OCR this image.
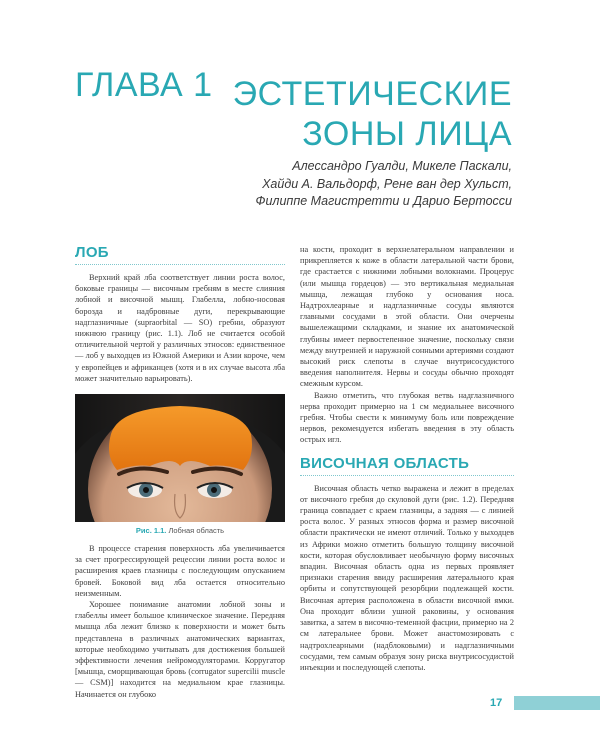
ГЛАВА 1 ЭСТЕТИЧЕСКИЕ
ЗОНЫ ЛИЦА
Алессандро Гуалди, Микеле Паскали,
Хайди А. Вальдорф, Рене ван дер Хульст,
Филиппе Магистретти и Дарио Бертосси
ЛОБ

Верхний край лба соответствует линии роста волос, боковые границы — височным гребням в месте слияния лобной и височной мышц. Глабелла, лобно-носовая борозда и надбровные дуги, перекрывающие надглазничные (supraorbital — SO) гребни, образуют нижнюю границу (рис. 1.1). Лоб не считается особой отличительной чертой у различных этносов: единственное — лоб у выходцев из Южной Америки и Азии короче, чем у европейцев и африканцев (хотя и в их случае высота лба может значительно варьировать).

Рис. 1.1. Лобная область

В процессе старения поверхность лба увеличивается за счет прогрессирующей рецессии линии роста волос и расширения краев глазницы с последующим опусканием бровей. Боковой вид лба остается относительно неизменным.

Хорошее понимание анатомии лобной зоны и глабеллы имеет большое клиническое значение. Передняя мышца лба лежит близко к поверхности и может быть представлена в различных анатомических вариантах, которые необходимо учитывать для достижения большей эффективности лечения нейромодуляторами. Корругатор [мышца, сморщивающая бровь (corrugator supercilii muscle — CSM)] находится на медиальном крае глазницы. Начинается он глубоко

на кости, проходит в верхнелатеральном направлении и прикрепляется к коже в области латеральной части брови, где срастается с нижними лобными волокнами. Процерус (или мышца гордецов) — это вертикальная медиальная мышца, лежащая глубоко у основания носа. Надтрохлеарные и надглазничные сосуды являются главными сосудами в этой области. Они очерчены вышележащими складками, и знание их анатомической глубины имеет первостепенное значение, поскольку связи между внутренней и наружной сонными артериями создают высокий риск слепоты в случае внутрисосудистого введения наполнителя. Нервы и сосуды обычно проходят смежным курсом.

Важно отметить, что глубокая ветвь надглазничного нерва проходит примерно на 1 см медиальнее височного гребня. Чтобы свести к минимуму боль или повреждение нервов, рекомендуется избегать введения в эту область острых игл.

ВИСОЧНАЯ ОБЛАСТЬ

Височная область четко выражена и лежит в пределах от височного гребня до скуловой дуги (рис. 1.2). Передняя граница совпадает с краем глазницы, а задняя — с линией роста волос. У разных этносов форма и размер височной области практически не имеют отличий. Только у выходцев из Африки можно отметить большую толщину височной кости, которая обусловливает необычную форму височных впадин. Височная область одна из первых проявляет признаки старения ввиду расширения латерального края орбиты и сопутствующей резорбции подлежащей кости. Височная артерия расположена в области височной ямки. Она проходит вблизи ушной раковины, у основания завитка, а затем в височно-теменной фасции, примерно на 2 см латеральнее брови. Может анастомозировать с надтрохлеарными (надблоковыми) и надглазничными сосудами, тем самым образуя зону риска внутрисосудистой инъекции и последующей слепоты.

17
